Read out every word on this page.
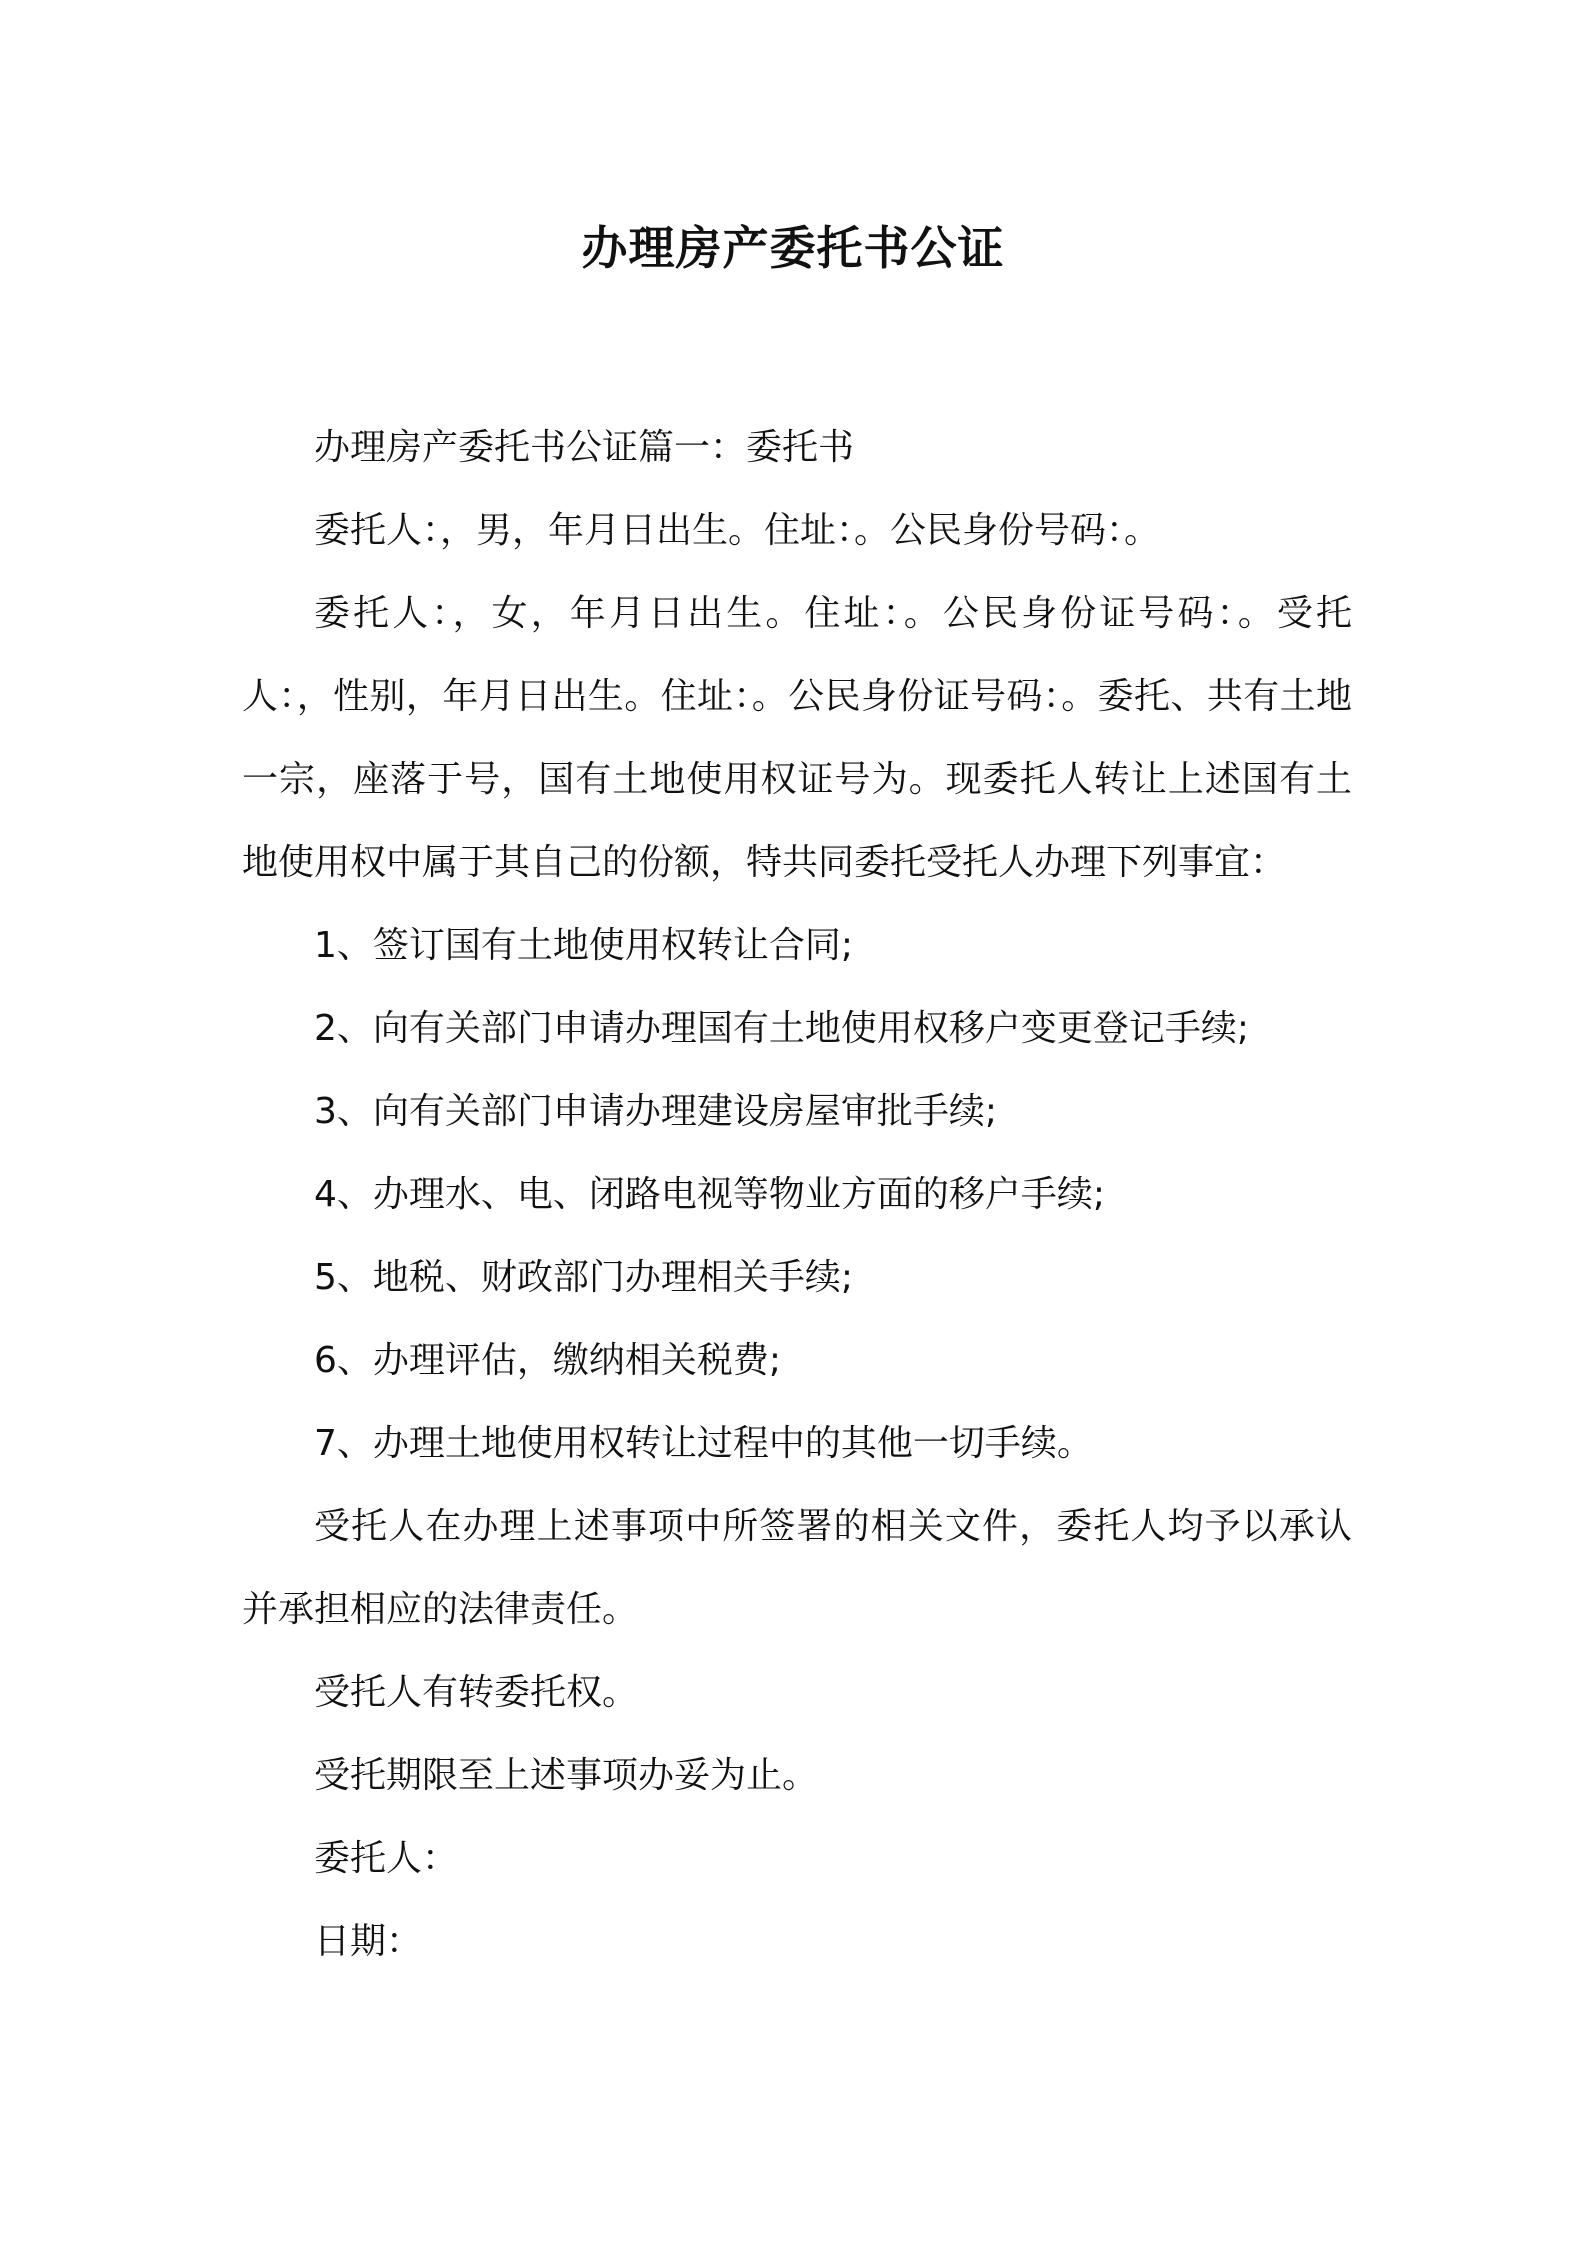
办理房产委托书公证

办理房产委托书公证篇一：委托书

委托人：，男，年月日出生。住址：。公民身份号码：。

委托人：，女，年月日出生。住址：。公民身份证号码：。受托人：，性别，年月日出生。住址：。公民身份证号码：。委托、共有土地一宗，座落于号，国有土地使用权证号为。现委托人转让上述国有土地使用权中属于其自己的份额，特共同委托受托人办理下列事宜：

1、签订国有土地使用权转让合同;

2、向有关部门申请办理国有土地使用权移户变更登记手续;

3、向有关部门申请办理建设房屋审批手续;

4、办理水、电、闭路电视等物业方面的移户手续;

5、地税、财政部门办理相关手续;

6、办理评估，缴纳相关税费;

7、办理土地使用权转让过程中的其他一切手续。

受托人在办理上述事项中所签署的相关文件，委托人均予以承认并承担相应的法律责任。

受托人有转委托权。

受托期限至上述事项办妥为止。

委托人：

日期：
